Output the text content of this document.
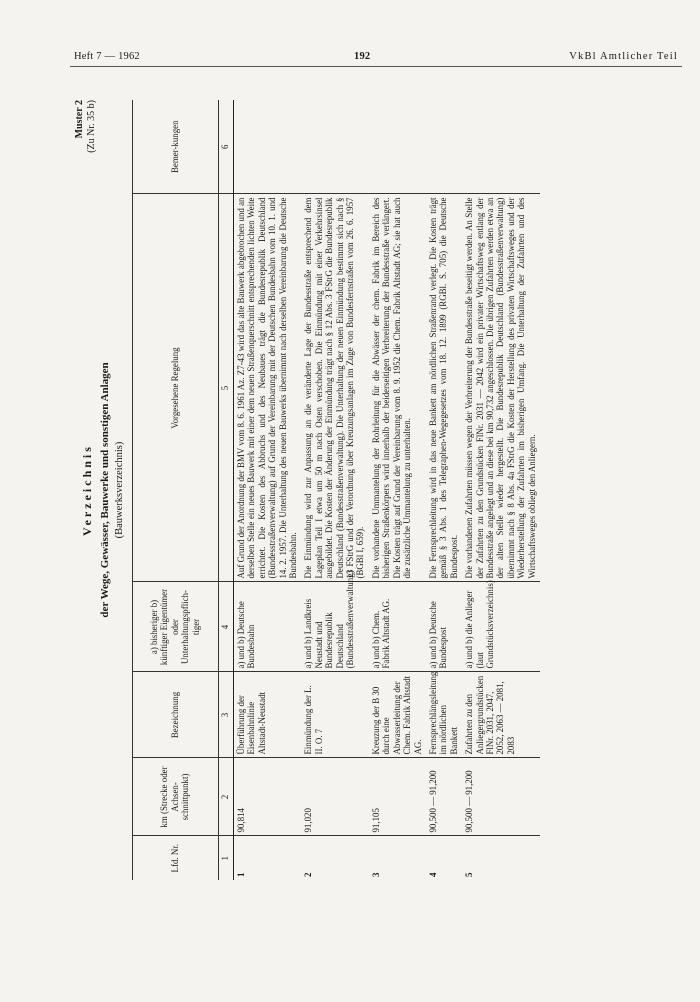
Heft 7 — 1962	192	VkBl Amtlicher Teil
Verzeichnis der Wege, Gewässer, Bauwerke und sonstigen Anlagen (Bauwerksverzeichnis)
Muster 2 (Zu Nr. 35 b)
Lfd. Nr.	km (Strecke oder Achsen-schnittpunkt)	Bezeichnung	a) bisheriger b) künftiger Eigentümer oder Unterhaltungspflich-tiger	Vorgesehene Regelung	Bemer-kungen
1	2	3	4	5	6
1	90,814	Überführung der Eisenbahnlinie Altstadt-Neustadt	a) und b) Deutsche Bundesbahn	Auf Grund der Anordnung der BMV vom 8. 6. 1961 Az. Z7-43 wird das alte Bauwerk abgebrochen und an derselben Stelle ein neues Bauwerk mit einer dem neuen Straßenquerschnitt entsprechenden lichten Weite errichtet. Die Kosten des Abbruchs und des Neubaues trägt die Bundesrepublik Deutschland (Bundesstraßenverwaltung) auf Grund der Vereinbarung mit der Deutschen Bundesbahn vom 10. 1. und 14. 2. 1957. Die Unterhaltung des neuen Bauwerks übernimmt nach derselben Vereinbarung die Deutsche Bundesbahn.	
2	91,020	Einmündung der L. II. O. 7	a) und b) Landkreis Neustadt und Bundesrepublik Deutschland (Bundesstraßenverwaltung)	Die Einmündung wird zur Anpassung an die veränderte Lage der Bundesstraße entsprechend dem Lageplan Teil I etwa um 50 m nach Osten verschoben. Die Einmündung mit einer Verkehrsinsel ausgebildet. Die Kosten der Änderung der Einmündung trägt nach § 12 Abs. 3 FStrG die Bundesrepublik Deutschland (Bundesstraßenverwaltung). Die Unterhaltung der neuen Einmündung bestimmt sich nach § 13 FStrG und der Verordnung über Kreuzungsanlagen im Zuge von Bundesfernstraßen vom 26. 6. 1957 (BGBl I, 659).	
3	91,105	Kreuzung der B 30 durch eine Abwasserleitung der Chem. Fabrik Altstadt AG.	a) und b) Chem. Fabrik Altstadt AG.	Die vorhandene Ummantelung der Rohrleitung für die Abwässer der chem. Fabrik im Bereich des bisherigen Straßenkörpers wird innerhalb der beiderseitigen Verbreiterung der Bundesstraße verlängert. Die Kosten trägt auf Grund der Vereinbarung vom 8. 9. 1952 die Chem. Fabrik Altstadt AG; sie hat auch die zusätzliche Ummantelung zu unterhalten.	
4	90,500 — 91,200	Fernsprechlängsleitung im nördlichen Bankett	a) und b) Deutsche Bundespost	Die Fernsprechleitung wird in das neue Bankett am nördlichen Straßenrand verlegt. Die Kosten trägt gemäß § 3 Abs. 1 des Telegraphen-Wegegesetzes vom 18. 12. 1899 (RGBl. S. 705) die Deutsche Bundespost.	
5	90,500 — 91,200	Zufahrten zu den Anliegergrundstücken FlNr. 2031, 2047, 2052, 2063 — 2081, 2083	a) und b) die Anlieger (laut Grundstücksverzeichnis)	Die vorhandenen Zufahrten müssen wegen der Verbreiterung der Bundesstraße beseitigt werden. An Stelle der Zufahrten zu den Grundstücken FlNr. 2031 — 2042 wird ein privater Wirtschaftsweg entlang der Bundesstraße angelegt und an diese bei km 90,732 angeschlossen. Die übrigen Zufahrten werden etwa an der alten Stelle wieder hergestellt. Die Bundesrepublik Deutschland (Bundesstraßenverwaltung) übernimmt nach § 8 Abs. 4a FStrG die Kosten der Herstellung des privaten Wirtschaftsweges und der Wiederherstellung der Zufahrten im bisherigen Umfang. Die Unterhaltung der Zufahrten und des Wirtschaftsweges obliegt den Anliegern.	
